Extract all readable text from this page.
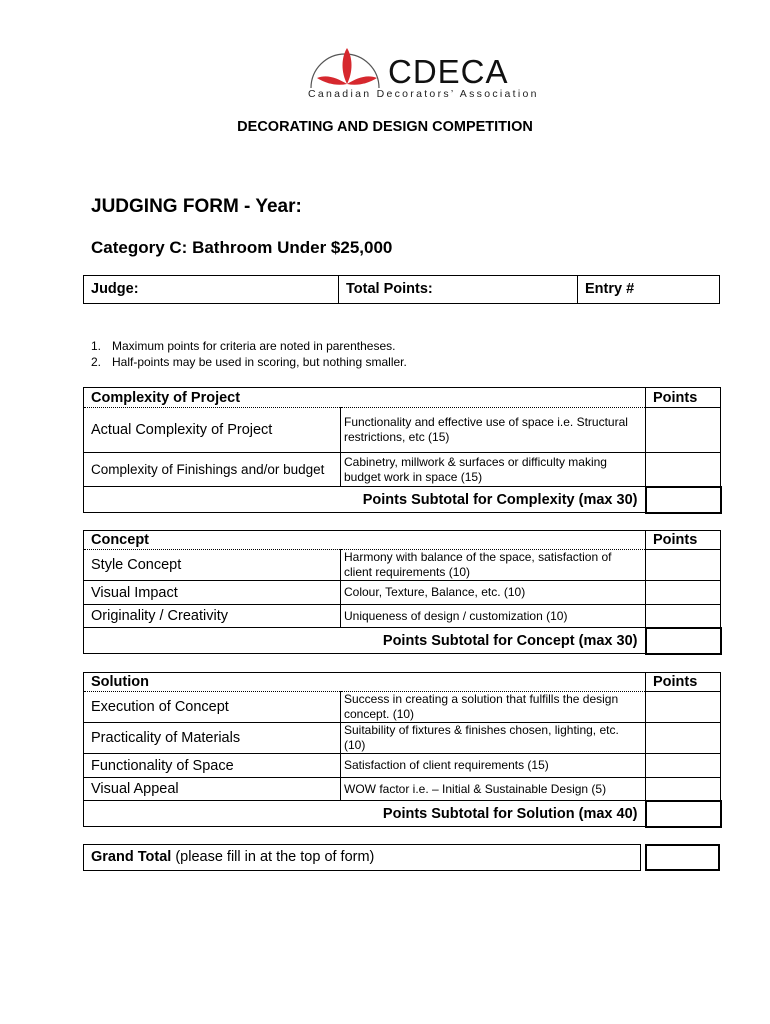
CDECA
Canadian Decorators’ Association
DECORATING AND DESIGN COMPETITION
JUDGING FORM - Year:
Category C: Bathroom Under $25,000
Judge:	Total Points:	Entry #
1. Maximum points for criteria are noted in parentheses.
2. Half-points may be used in scoring, but nothing smaller.
Complexity of Project		Points
Actual Complexity of Project	Functionality and effective use of space i.e. Structural restrictions, etc (15)	
Complexity of Finishings and/or budget	Cabinetry, millwork & surfaces or difficulty making budget work in space (15)	
Points Subtotal for Complexity (max 30)		
Concept		Points
Style Concept	Harmony with balance of the space, satisfaction of client requirements (10)	
Visual Impact	Colour, Texture, Balance, etc. (10)	
Originality / Creativity	Uniqueness of design / customization (10)	
Points Subtotal for Concept (max 30)		
Solution		Points
Execution of Concept	Success in creating a solution that fulfills the design concept. (10)	
Practicality of Materials	Suitability of fixtures & finishes chosen, lighting, etc. (10)	
Functionality of Space	Satisfaction of client requirements (15)	
Visual Appeal	WOW factor i.e. – Initial & Sustainable Design (5)	
Points Subtotal for Solution (max 40)		
Grand Total (please fill in at the top of form)
